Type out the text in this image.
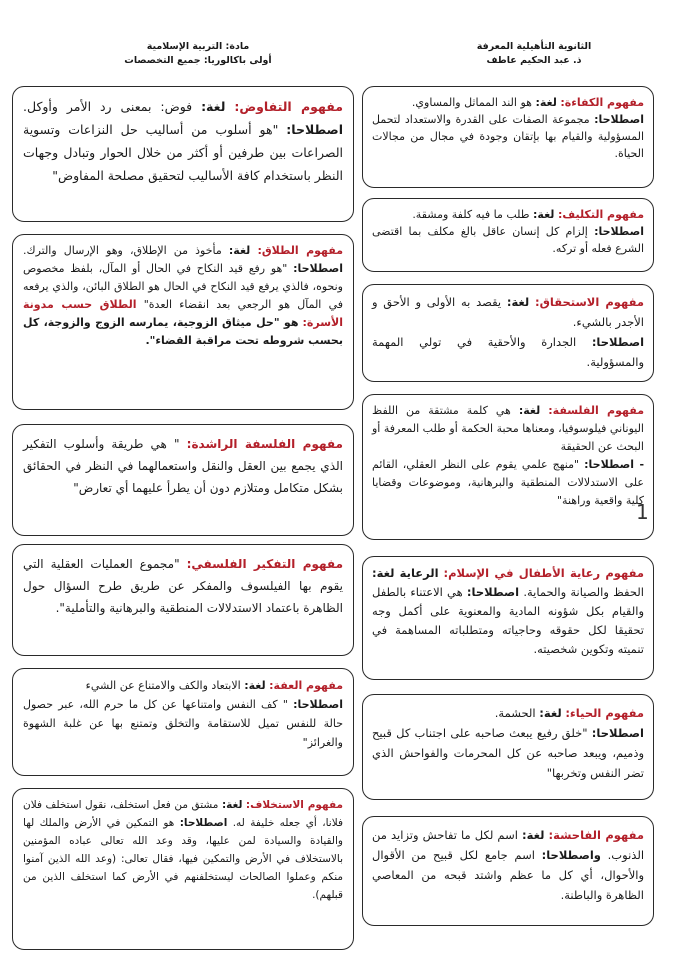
الثانوية التأهيلية المعرفة
ذ. عبد الحكيم عاطف
مادة: التربية الإسلامية
أولى باكالوريا: جميع التخصصات

مفهوم الكفاءة: لغة: هو الند المماثل والمساوي.

اصطلاحا: مجموعة الصفات على القدرة والاستعداد لتحمل المسؤولية والقيام بها بإتقان وجودة في مجال من مجالات الحياة.

مفهوم التكليف: لغة: طلب ما فيه كلفة ومشقة.

اصطلاحا: إلزام كل إنسان عاقل بالغ مكلف بما اقتضى الشرع فعله أو تركه.

مفهوم الاستحقاق: لغة: يقصد به الأولى و الأحق و الأجدر بالشيء.

اصطلاحا: الجدارة والأحقية في تولي المهمة والمسؤولية.

مفهوم الفلسفة: لغة: هي كلمة مشتقة من اللفظ اليوناني فيلوسوفيا، ومعناها محبة الحكمة أو طلب المعرفة أو البحث عن الحقيقة

- اصطلاحا: "منهج علمي يقوم على النظر العقلي، القائم على الاستدلالات المنطقية والبرهانية، وموضوعات وقضايا كلية واقعية وراهنة"

1

مفهوم رعاية الأطفال في الإسلام: الرعاية لغة: الحفظ والصيانة والحماية. اصطلاحا: هي الاعتناء بالطفل والقيام بكل شؤونه المادية والمعنوية على أكمل وجه تحقيقا لكل حقوقه وحاجياته ومتطلباته المساهمة في تنميته وتكوين شخصيته.

مفهوم الحياء: لغة: الحشمة.

اصطلاحا: "خلق رفيع يبعث صاحبه على اجتناب كل قبيح وذميم، ويبعد صاحبه عن كل المحرمات والفواحش الذي تضر النفس وتخربها"

مفهوم الفاحشة: لغة: اسم لكل ما تفاحش وتزايد من الذنوب. واصطلاحا: اسم جامع لكل قبيح من الأقوال والأحوال، أي كل ما عظم واشتد قبحه من المعاصي الظاهرة والباطنة.

مفهوم التفاوض: لغة: فوض: بمعنى رد الأمر وأوكل. اصطلاحا: "هو أسلوب من أساليب حل النزاعات وتسوية الصراعات بين طرفين أو أكثر من خلال الحوار وتبادل وجهات النظر باستخدام كافة الأساليب لتحقيق مصلحة المفاوض"

مفهوم الطلاق: لغة: مأخوذ من الإطلاق، وهو الإرسال والترك. اصطلاحا: "هو رفع قيد النكاح في الحال أو المآل، بلفظ مخصوص ونحوه، فالذي يرفع قيد النكاح في الحال هو الطلاق البائن، والذي يرفعه في المآل هو الرجعي بعد انقضاء العدة" الطلاق حسب مدونة الأسرة: هو "حل ميثاق الزوجية، يمارسه الزوج والزوجة، كل بحسب شروطه تحت مراقبة القضاء".

مفهوم الفلسفة الراشدة: " هي طريقة وأسلوب التفكير الذي يجمع بين العقل والنقل واستعمالهما في النظر في الحقائق بشكل متكامل ومتلازم دون أن يطرأ عليهما أي تعارض"

مفهوم التفكير الفلسفي: "مجموع العمليات العقلية التي يقوم بها الفيلسوف والمفكر عن طريق طرح السؤال حول الظاهرة باعتماد الاستدلالات المنطقية والبرهانية والتأملية".

مفهوم العفة: لغة: الابتعاد والكف والامتناع عن الشيء

اصطلاحا: " كف النفس وامتناعها عن كل ما حرم الله، عبر حصول حالة للنفس تميل للاستقامة والتخلق وتمتنع بها عن غلبة الشهوة والغرائز"

مفهوم الاستخلاف: لغة: مشتق من فعل استخلف، نقول استخلف فلان فلانا، أي جعله خليفة له. اصطلاحا: هو التمكين في الأرض والملك لها والقيادة والسيادة لمن عليها، وقد وعد الله تعالى عباده المؤمنين بالاستخلاف في الأرض والتمكين فيها، فقال تعالى: (وعد الله الذين آمنوا منكم وعملوا الصالحات ليستخلفنهم في الأرض كما استخلف الذين من قبلهم).
